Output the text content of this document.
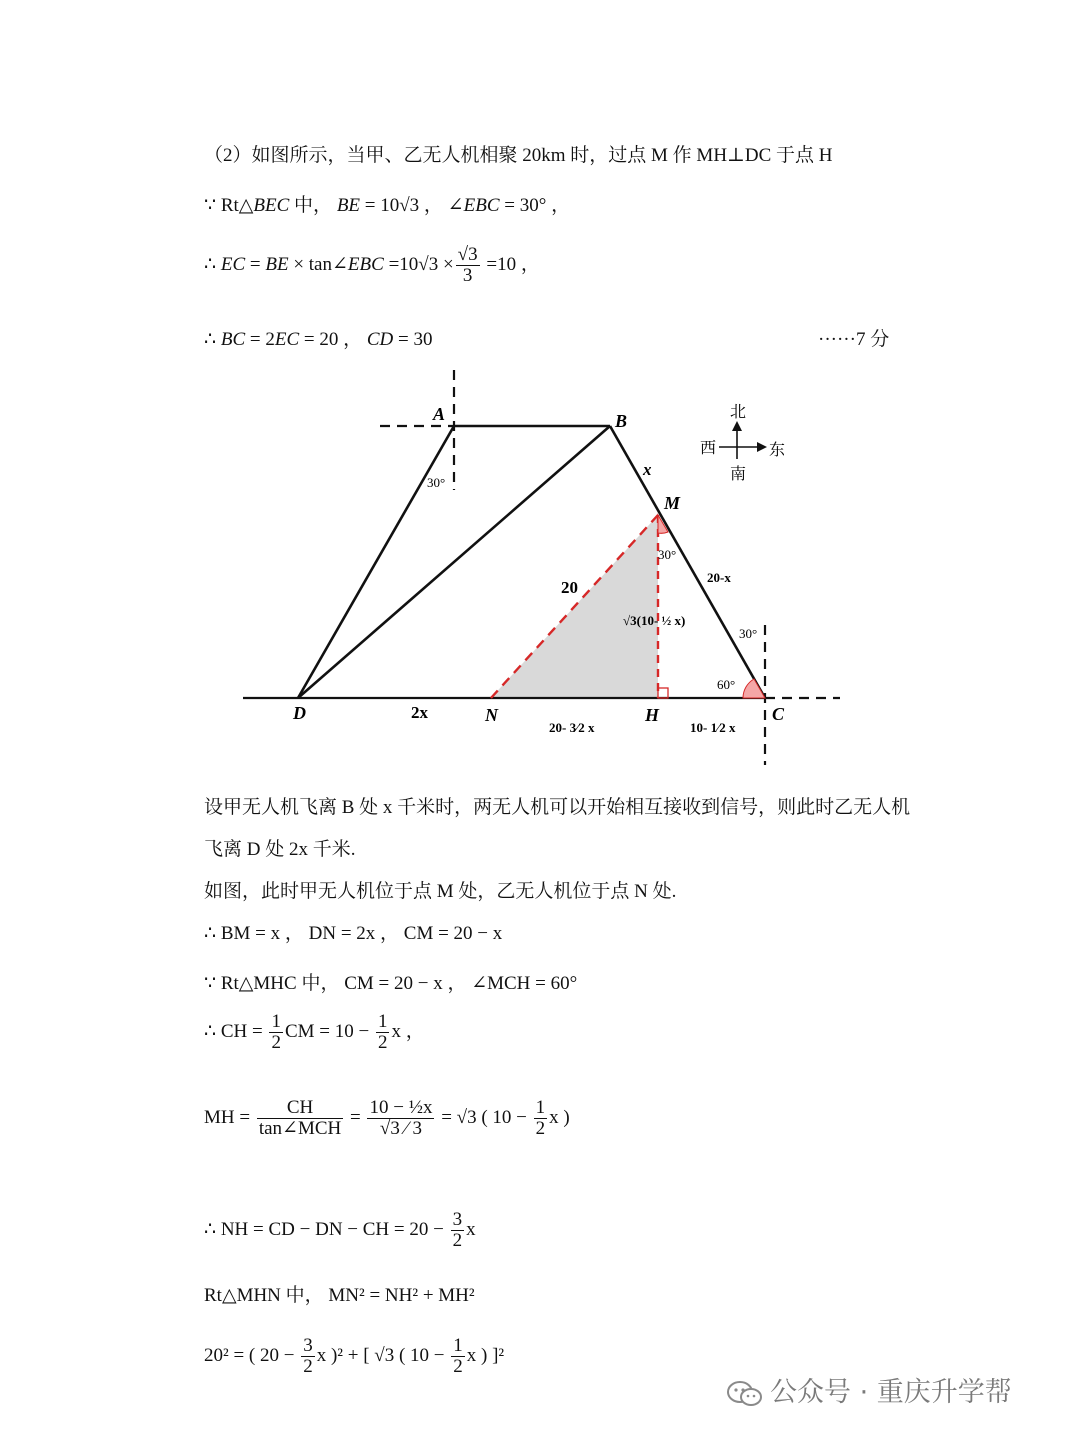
（2）如图所示，当甲、乙无人机相聚 20km 时，过点 M 作 MH⊥DC 于点 H
∵ Rt△BEC 中， BE = 10√3 ， ∠EBC = 30° ，
∴ EC = BE × tan∠EBC $=10√3 \times \frac{√3}{3} =10$ ，
∴ BC = 2EC = 20 ， CD = 30	······7 分
A	B
C
D
M
N	H
x
20
20-x
2x
30°
30°
30°
60°
√3(10- ½ x)
20- 3⁄2 x	10- 1⁄2 x
北
西	东
南
设甲无人机飞离 B 处 x 千米时，两无人机可以开始相互接收到信号，则此时乙无人机
飞离 D 处 2x 千米.
如图，此时甲无人机位于点 M 处，乙无人机位于点 N 处.
∴ BM = x ， DN = 2x ， CM = 20 − x
∵ Rt△MHC 中， CM = 20 − x ， ∠MCH = 60°
∴ CH = $\frac{1}{2}$ CM = $10 - \frac{1}{2}$ x ，
MH = $\frac{CH}{\text{tan∠MCH}} = \frac{\text{10 − ½x}}{√3 ⁄ 3} = √3$ ( $10 - \frac{1}{2}$ x )
∴ NH = CD − DN − CH = $20 - \frac{3}{2}$ x
Rt△MHN 中， MN² = NH² + MH²
20² = ( $20 - \frac{3}{2}$ x )² + [ √3 ( $10 - \frac{1}{2}$ x ) ]²
公众号 · 重庆升学帮
